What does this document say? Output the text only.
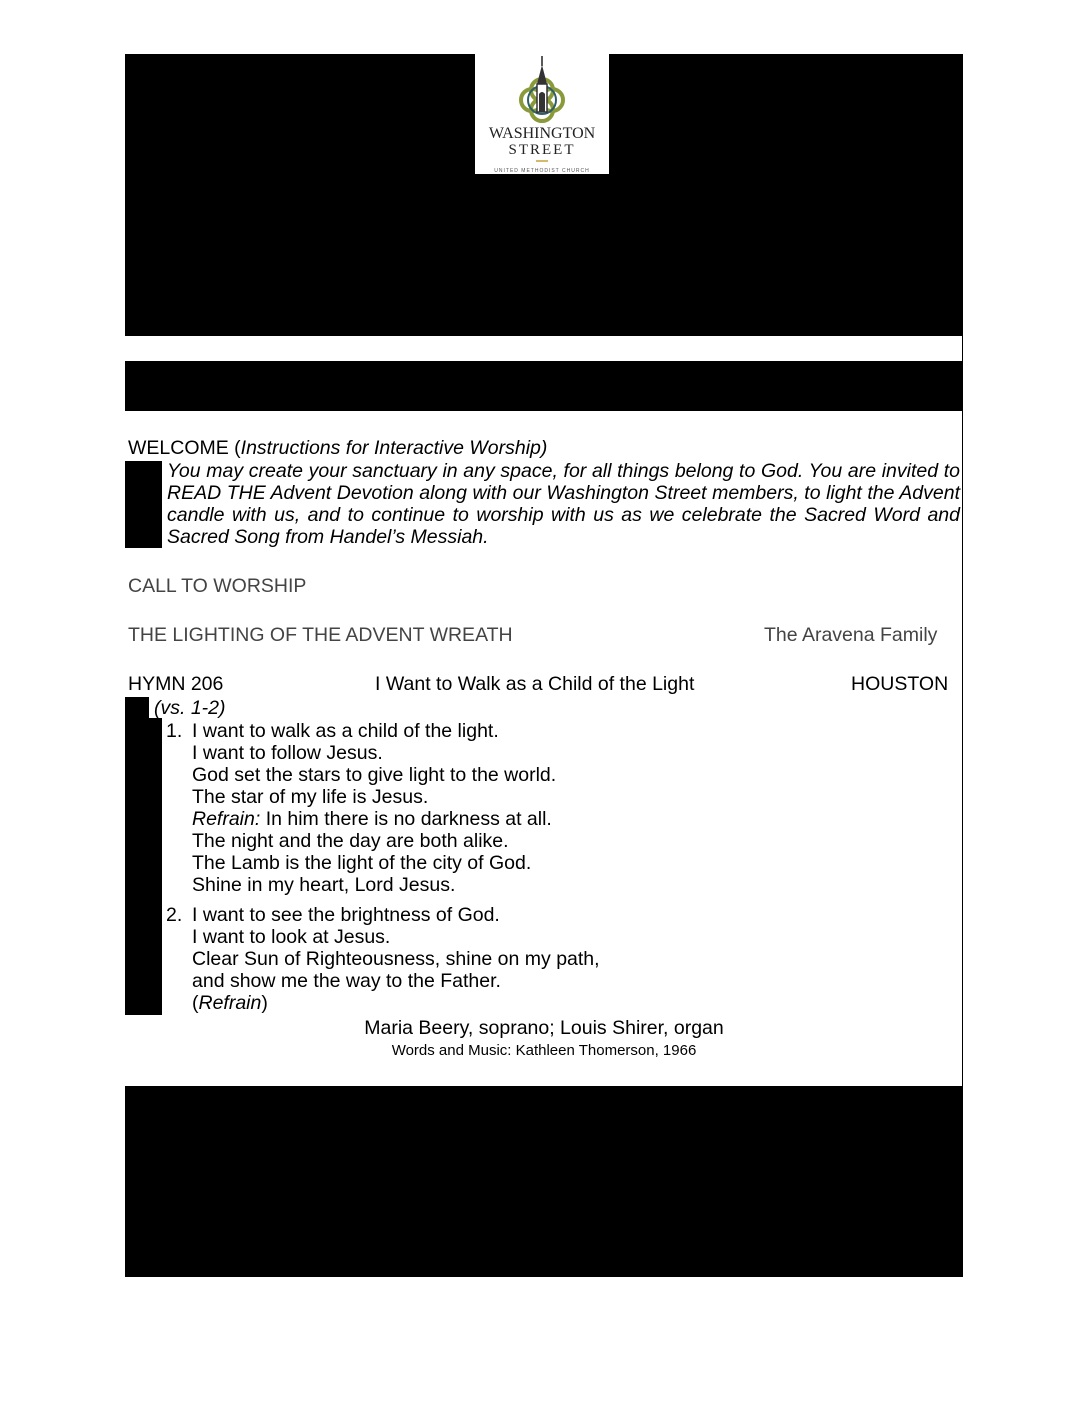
WASHINGTON
STREET
UNITED METHODIST CHURCH
WELCOME (Instructions for Interactive Worship)
You may create your sanctuary in any space, for all things belong to God. You are invited to READ THE Advent Devotion along with our Washington Street members, to light the Advent candle with us, and to continue to worship with us as we celebrate the Sacred Word and Sacred Song from Handel’s Messiah.
CALL TO WORSHIP
THE LIGHTING OF THE ADVENT WREATH	The Aravena Family
HYMN 206	I Want to Walk as a Child of the Light	HOUSTON
(vs. 1-2)
1. I want to walk as a child of the light.
I want to follow Jesus.
God set the stars to give light to the world.
The star of my life is Jesus.
Refrain: In him there is no darkness at all.
The night and the day are both alike.
The Lamb is the light of the city of God.
Shine in my heart, Lord Jesus.
2. I want to see the brightness of God.
I want to look at Jesus.
Clear Sun of Righteousness, shine on my path,
and show me the way to the Father.
(Refrain)
Maria Beery, soprano; Louis Shirer, organ
Words and Music: Kathleen Thomerson, 1966
